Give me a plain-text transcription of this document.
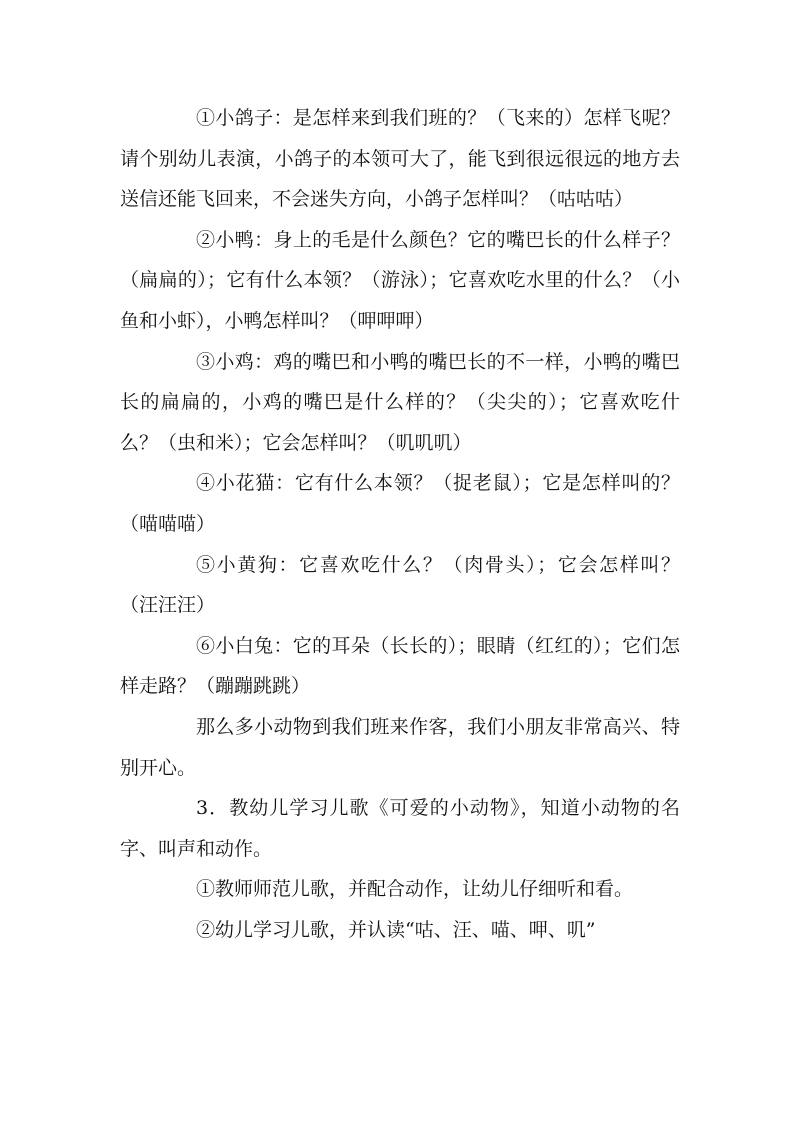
①小鸽子：是怎样来到我们班的？（飞来的）怎样飞呢？请个别幼儿表演，小鸽子的本领可大了，能飞到很远很远的地方去送信还能飞回来，不会迷失方向，小鸽子怎样叫？（咕咕咕）

②小鸭：身上的毛是什么颜色？它的嘴巴长的什么样子？（扁扁的）；它有什么本领？（游泳）；它喜欢吃水里的什么？（小鱼和小虾），小鸭怎样叫？（呷呷呷）

③小鸡：鸡的嘴巴和小鸭的嘴巴长的不一样，小鸭的嘴巴长的扁扁的，小鸡的嘴巴是什么样的？（尖尖的）；它喜欢吃什么？（虫和米）；它会怎样叫？（叽叽叽）

④小花猫：它有什么本领？（捉老鼠）；它是怎样叫的？（喵喵喵）

⑤小黄狗：它喜欢吃什么？（肉骨头）；它会怎样叫？（汪汪汪）

⑥小白兔：它的耳朵（长长的）；眼睛（红红的）；它们怎样走路？（蹦蹦跳跳）

那么多小动物到我们班来作客，我们小朋友非常高兴、特别开心。

3．教幼儿学习儿歌《可爱的小动物》，知道小动物的名字、叫声和动作。

①教师师范儿歌，并配合动作，让幼儿仔细听和看。

②幼儿学习儿歌，并认读“咕、汪、喵、呷、叽”
